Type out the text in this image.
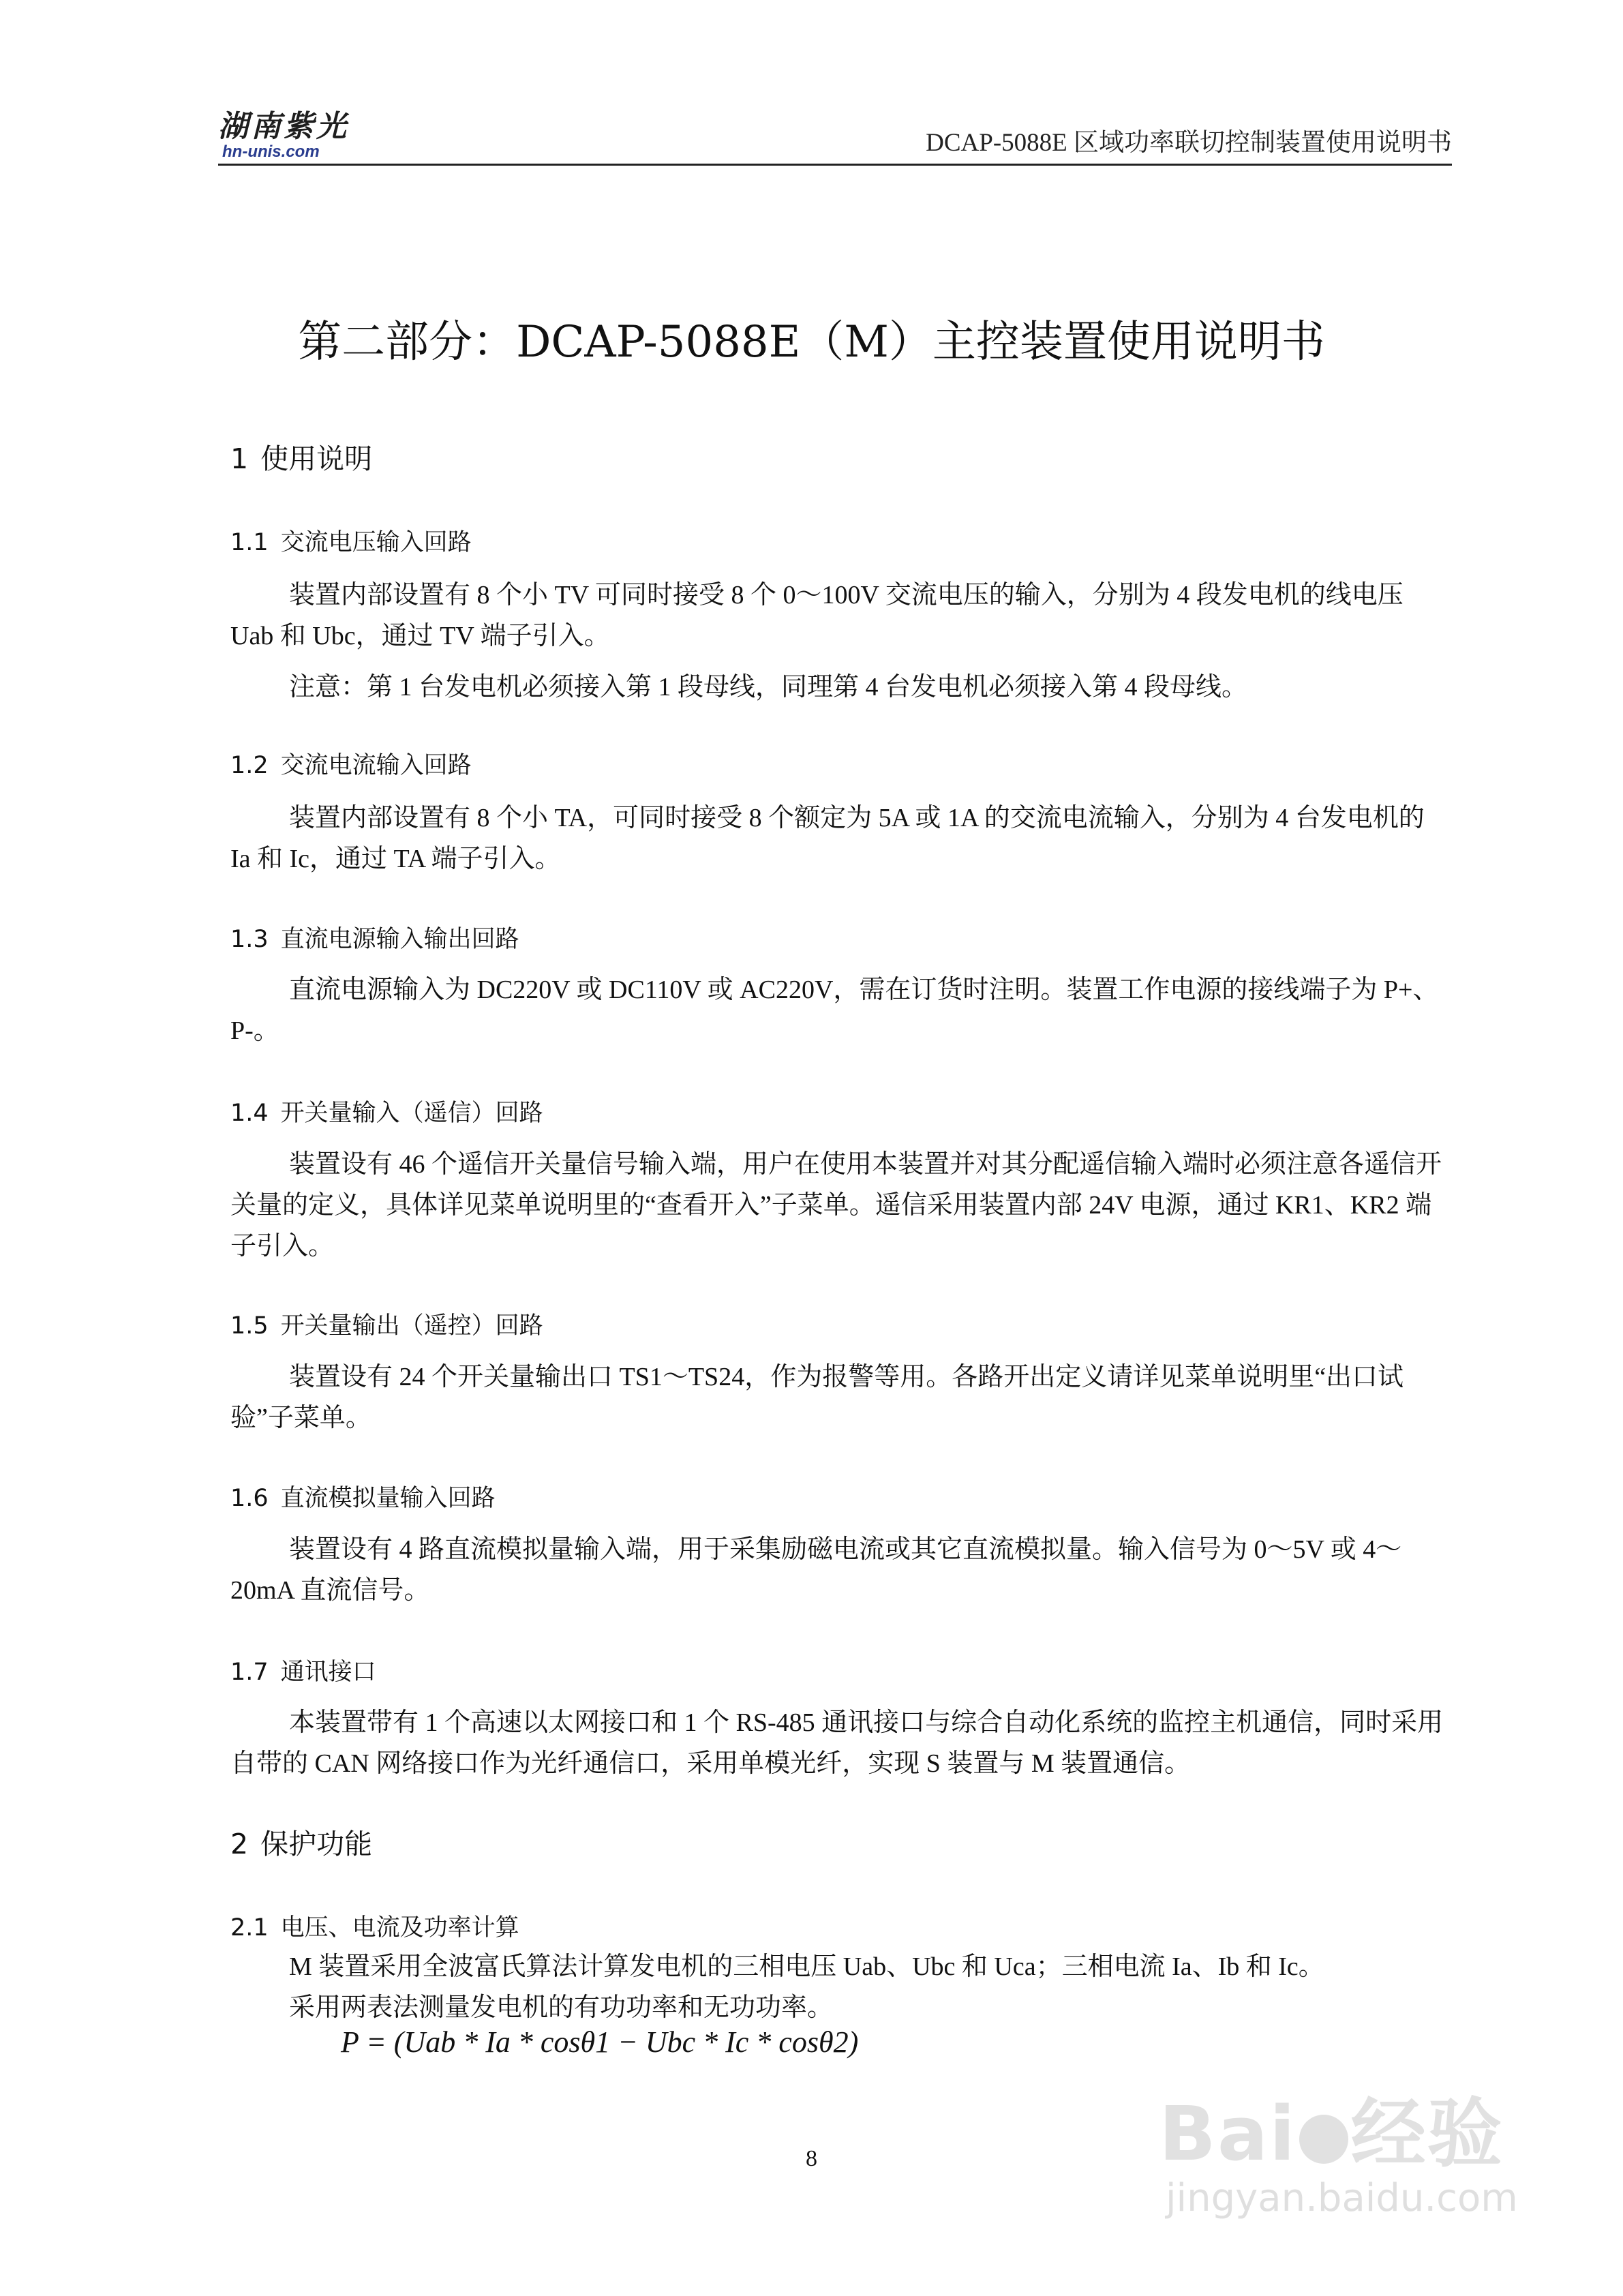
湖南紫光
hn-unis.com	DCAP-5088E 区域功率联切控制装置使用说明书
第二部分：DCAP-5088E（M）主控装置使用说明书
1 使用说明
1.1 交流电压输入回路
装置内部设置有 8 个小 TV 可同时接受 8 个 0～100V 交流电压的输入，分别为 4 段发电机的线电压 Uab 和 Ubc，通过 TV 端子引入。
注意：第 1 台发电机必须接入第 1 段母线，同理第 4 台发电机必须接入第 4 段母线。
1.2 交流电流输入回路
装置内部设置有 8 个小 TA，可同时接受 8 个额定为 5A 或 1A 的交流电流输入，分别为 4 台发电机的 Ia 和 Ic，通过 TA 端子引入。
1.3 直流电源输入输出回路
直流电源输入为 DC220V 或 DC110V 或 AC220V，需在订货时注明。装置工作电源的接线端子为 P+、P-。
1.4 开关量输入（遥信）回路
装置设有 46 个遥信开关量信号输入端，用户在使用本装置并对其分配遥信输入端时必须注意各遥信开关量的定义，具体详见菜单说明里的“查看开入”子菜单。遥信采用装置内部 24V 电源，通过 KR1、KR2 端子引入。
1.5 开关量输出（遥控）回路
装置设有 24 个开关量输出口 TS1～TS24，作为报警等用。各路开出定义请详见菜单说明里“出口试验”子菜单。
1.6 直流模拟量输入回路
装置设有 4 路直流模拟量输入端，用于采集励磁电流或其它直流模拟量。输入信号为 0～5V 或 4～20mA 直流信号。
1.7 通讯接口
本装置带有 1 个高速以太网接口和 1 个 RS-485 通讯接口与综合自动化系统的监控主机通信，同时采用自带的 CAN 网络接口作为光纤通信口，采用单模光纤，实现 S 装置与 M 装置通信。
2 保护功能
2.1 电压、电流及功率计算
M 装置采用全波富氏算法计算发电机的三相电压 Uab、Ubc 和 Uca；三相电流 Ia、Ib 和 Ic。
采用两表法测量发电机的有功功率和无功功率。
P = (Uab * Ia * cosθ1 − Ubc * Ic * cosθ2)
8	Bai 经验
jingyan.baidu.com
